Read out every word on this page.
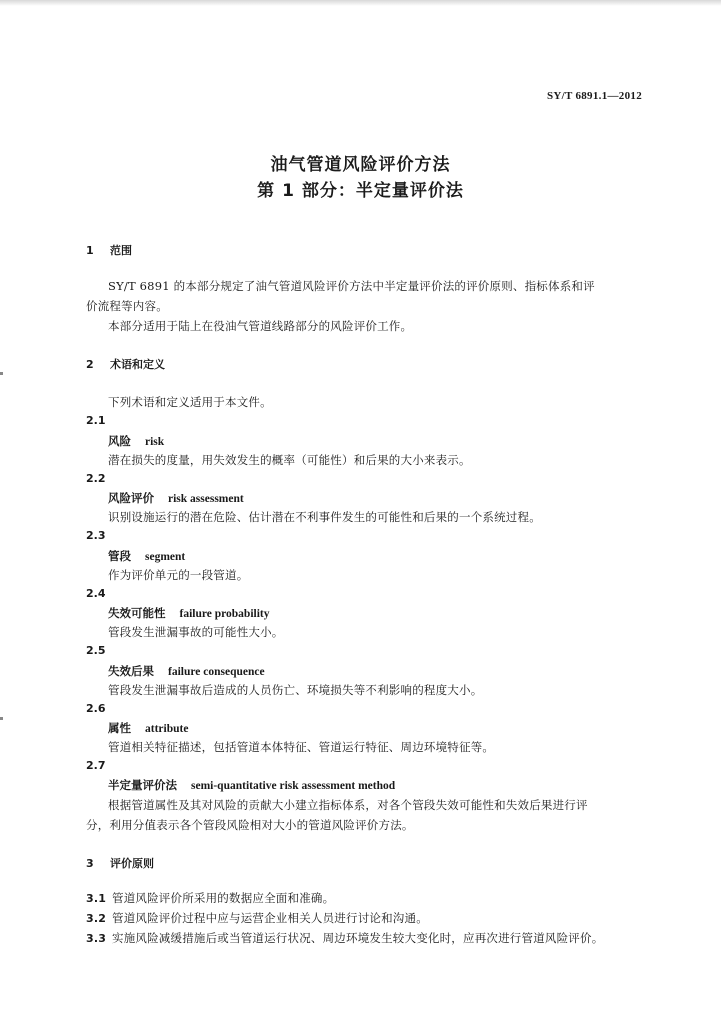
SY/T 6891.1—2012
油气管道风险评价方法
第 1 部分：半定量评价法
1 范围
SY/T 6891 的本部分规定了油气管道风险评价方法中半定量评价法的评价原则、指标体系和评
价流程等内容。
本部分适用于陆上在役油气管道线路部分的风险评价工作。
2 术语和定义
下列术语和定义适用于本文件。
2.1
风险 risk
潜在损失的度量，用失效发生的概率（可能性）和后果的大小来表示。
2.2
风险评价 risk assessment
识别设施运行的潜在危险、估计潜在不利事件发生的可能性和后果的一个系统过程。
2.3
管段 segment
作为评价单元的一段管道。
2.4
失效可能性 failure probability
管段发生泄漏事故的可能性大小。
2.5
失效后果 failure consequence
管段发生泄漏事故后造成的人员伤亡、环境损失等不利影响的程度大小。
2.6
属性 attribute
管道相关特征描述，包括管道本体特征、管道运行特征、周边环境特征等。
2.7
半定量评价法 semi-quantitative risk assessment method
根据管道属性及其对风险的贡献大小建立指标体系，对各个管段失效可能性和失效后果进行评
分，利用分值表示各个管段风险相对大小的管道风险评价方法。
3 评价原则
3.1 管道风险评价所采用的数据应全面和准确。
3.2 管道风险评价过程中应与运营企业相关人员进行讨论和沟通。
3.3 实施风险减缓措施后或当管道运行状况、周边环境发生较大变化时，应再次进行管道风险评价。
